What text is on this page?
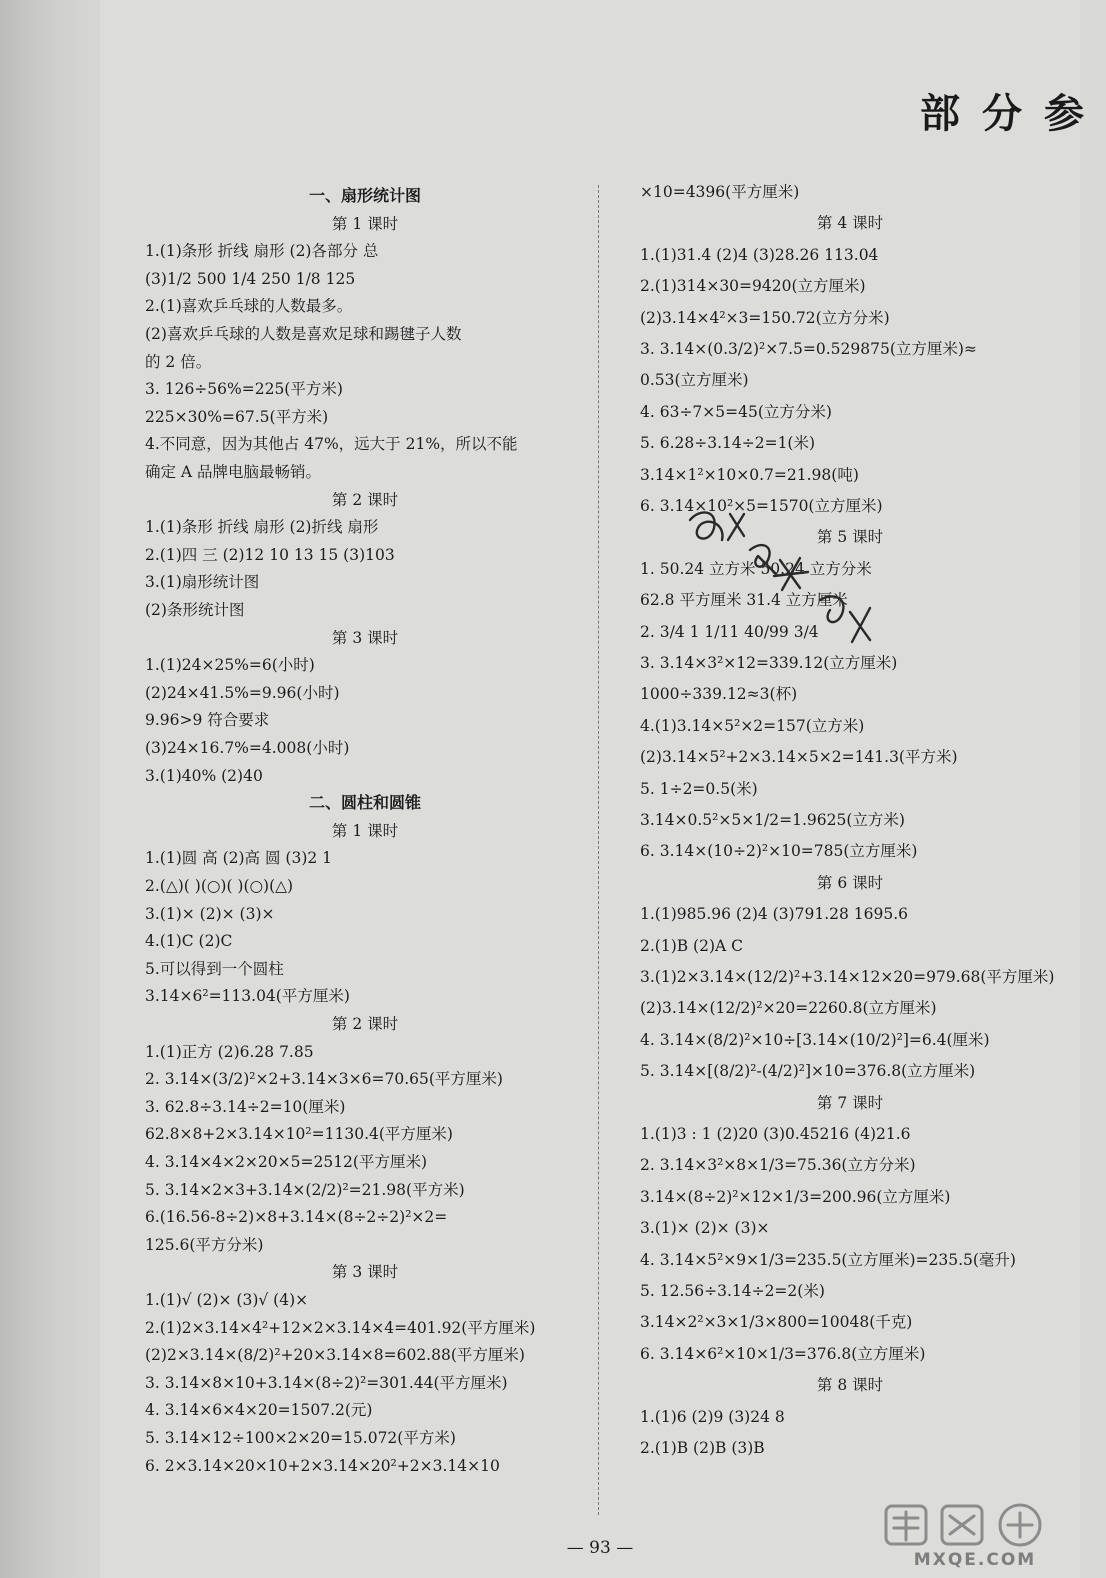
部分参
一、扇形统计图
第 1 课时
1.(1)条形 折线 扇形 (2)各部分 总
(3)1/2 500 1/4 250 1/8 125
2.(1)喜欢乒乓球的人数最多。
(2)喜欢乒乓球的人数是喜欢足球和踢毽子人数
的 2 倍。
3. 126÷56%=225(平方米)
225×30%=67.5(平方米)
4.不同意，因为其他占 47%，远大于 21%，所以不能
确定 A 品牌电脑最畅销。
第 2 课时
1.(1)条形 折线 扇形 (2)折线 扇形
2.(1)四 三 (2)12 10 13 15 (3)103
3.(1)扇形统计图
(2)条形统计图
第 3 课时
1.(1)24×25%=6(小时)
(2)24×41.5%=9.96(小时)
9.96>9 符合要求
(3)24×16.7%=4.008(小时)
3.(1)40% (2)40
二、圆柱和圆锥
第 1 课时
1.(1)圆 高 (2)高 圆 (3)2 1
2.(△)( )(○)( )(○)(△)
3.(1)× (2)× (3)×
4.(1)C (2)C
5.可以得到一个圆柱
3.14×6²=113.04(平方厘米)
第 2 课时
1.(1)正方 (2)6.28 7.85
2. 3.14×(3/2)²×2+3.14×3×6=70.65(平方厘米)
3. 62.8÷3.14÷2=10(厘米)
62.8×8+2×3.14×10²=1130.4(平方厘米)
4. 3.14×4×2×20×5=2512(平方厘米)
5. 3.14×2×3+3.14×(2/2)²=21.98(平方米)
6.(16.56-8÷2)×8+3.14×(8÷2÷2)²×2=
125.6(平方分米)
第 3 课时
1.(1)√ (2)× (3)√ (4)×
2.(1)2×3.14×4²+12×2×3.14×4=401.92(平方厘米)
(2)2×3.14×(8/2)²+20×3.14×8=602.88(平方厘米)
3. 3.14×8×10+3.14×(8÷2)²=301.44(平方厘米)
4. 3.14×6×4×20=1507.2(元)
5. 3.14×12÷100×2×20=15.072(平方米)
6. 2×3.14×20×10+2×3.14×20²+2×3.14×10
×10=4396(平方厘米)
第 4 课时
1.(1)31.4 (2)4 (3)28.26 113.04
2.(1)314×30=9420(立方厘米)
(2)3.14×4²×3=150.72(立方分米)
3. 3.14×(0.3/2)²×7.5=0.529875(立方厘米)≈
0.53(立方厘米)
4. 63÷7×5=45(立方分米)
5. 6.28÷3.14÷2=1(米)
3.14×1²×10×0.7=21.98(吨)
6. 3.14×10²×5=1570(立方厘米)
第 5 课时
1. 50.24 立方米 50.24 立方分米
62.8 平方厘米 31.4 立方厘米
2. 3/4 1 1/11 40/99 3/4
3. 3.14×3²×12=339.12(立方厘米)
1000÷339.12≈3(杯)
4.(1)3.14×5²×2=157(立方米)
(2)3.14×5²+2×3.14×5×2=141.3(平方米)
5. 1÷2=0.5(米)
3.14×0.5²×5×1/2=1.9625(立方米)
6. 3.14×(10÷2)²×10=785(立方厘米)
第 6 课时
1.(1)985.96 (2)4 (3)791.28 1695.6
2.(1)B (2)A C
3.(1)2×3.14×(12/2)²+3.14×12×20=979.68(平方厘米)
(2)3.14×(12/2)²×20=2260.8(立方厘米)
4. 3.14×(8/2)²×10÷[3.14×(10/2)²]=6.4(厘米)
5. 3.14×[(8/2)²-(4/2)²]×10=376.8(立方厘米)
第 7 课时
1.(1)3 : 1 (2)20 (3)0.45216 (4)21.6
2. 3.14×3²×8×1/3=75.36(立方分米)
3.14×(8÷2)²×12×1/3=200.96(立方厘米)
3.(1)× (2)× (3)×
4. 3.14×5²×9×1/3=235.5(立方厘米)=235.5(毫升)
5. 12.56÷3.14÷2=2(米)
3.14×2²×3×1/3×800=10048(千克)
6. 3.14×6²×10×1/3=376.8(立方厘米)
第 8 课时
1.(1)6 (2)9 (3)24 8
2.(1)B (2)B (3)B
— 93 —
MXQE.COM
